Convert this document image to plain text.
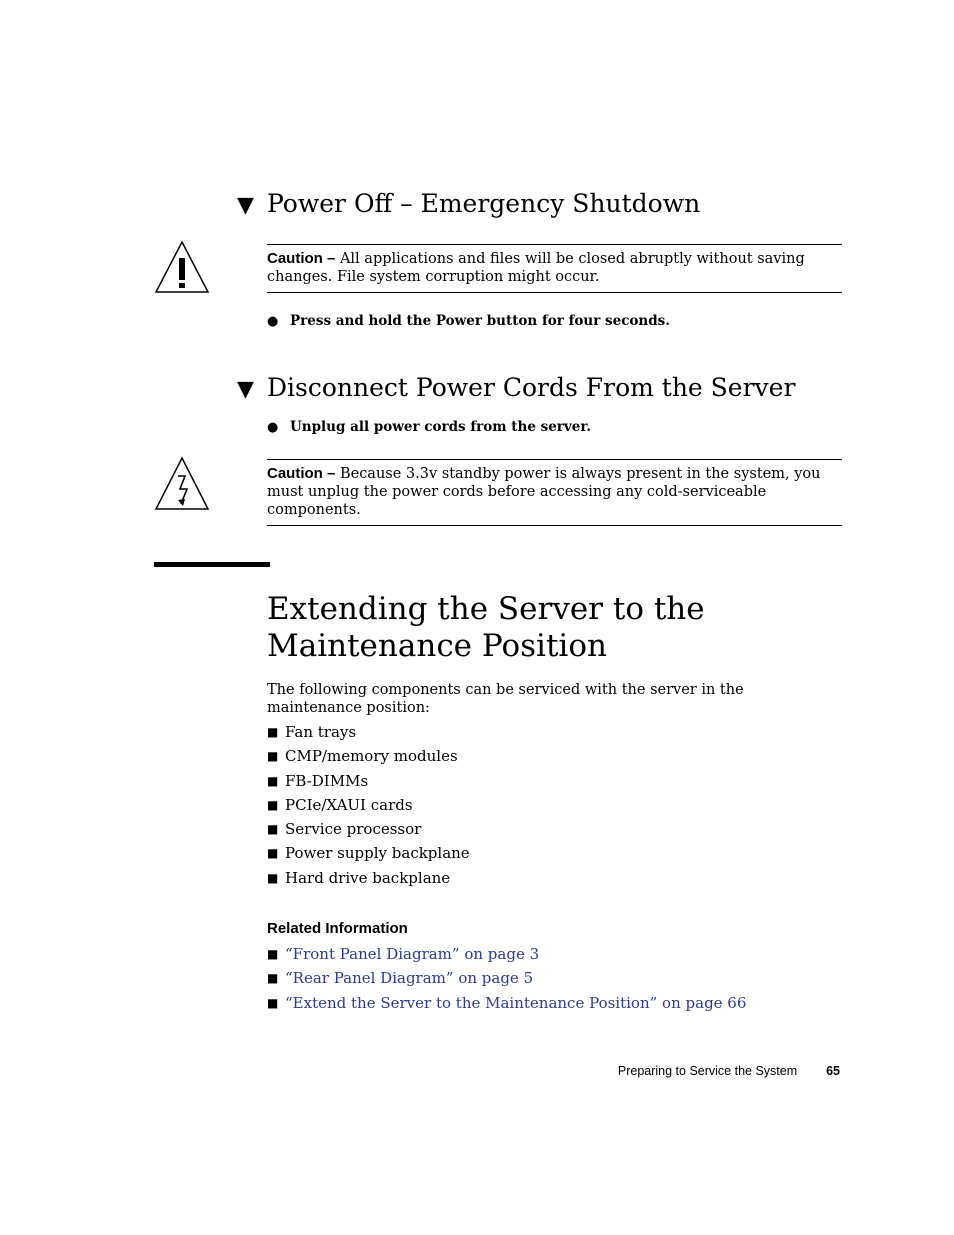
▼ Power Off – Emergency Shutdown
Caution – All applications and files will be closed abruptly without saving changes. File system corruption might occur.
● Press and hold the Power button for four seconds.
▼ Disconnect Power Cords From the Server
● Unplug all power cords from the server.
Caution – Because 3.3v standby power is always present in the system, you must unplug the power cords before accessing any cold-serviceable components.
Extending the Server to the Maintenance Position
The following components can be serviced with the server in the maintenance position:
■ Fan trays
■ CMP/memory modules
■ FB-DIMMs
■ PCIe/XAUI cards
■ Service processor
■ Power supply backplane
■ Hard drive backplane
Related Information
■ “Front Panel Diagram” on page 3
■ “Rear Panel Diagram” on page 5
■ “Extend the Server to the Maintenance Position” on page 66
Preparing to Service the System 65
